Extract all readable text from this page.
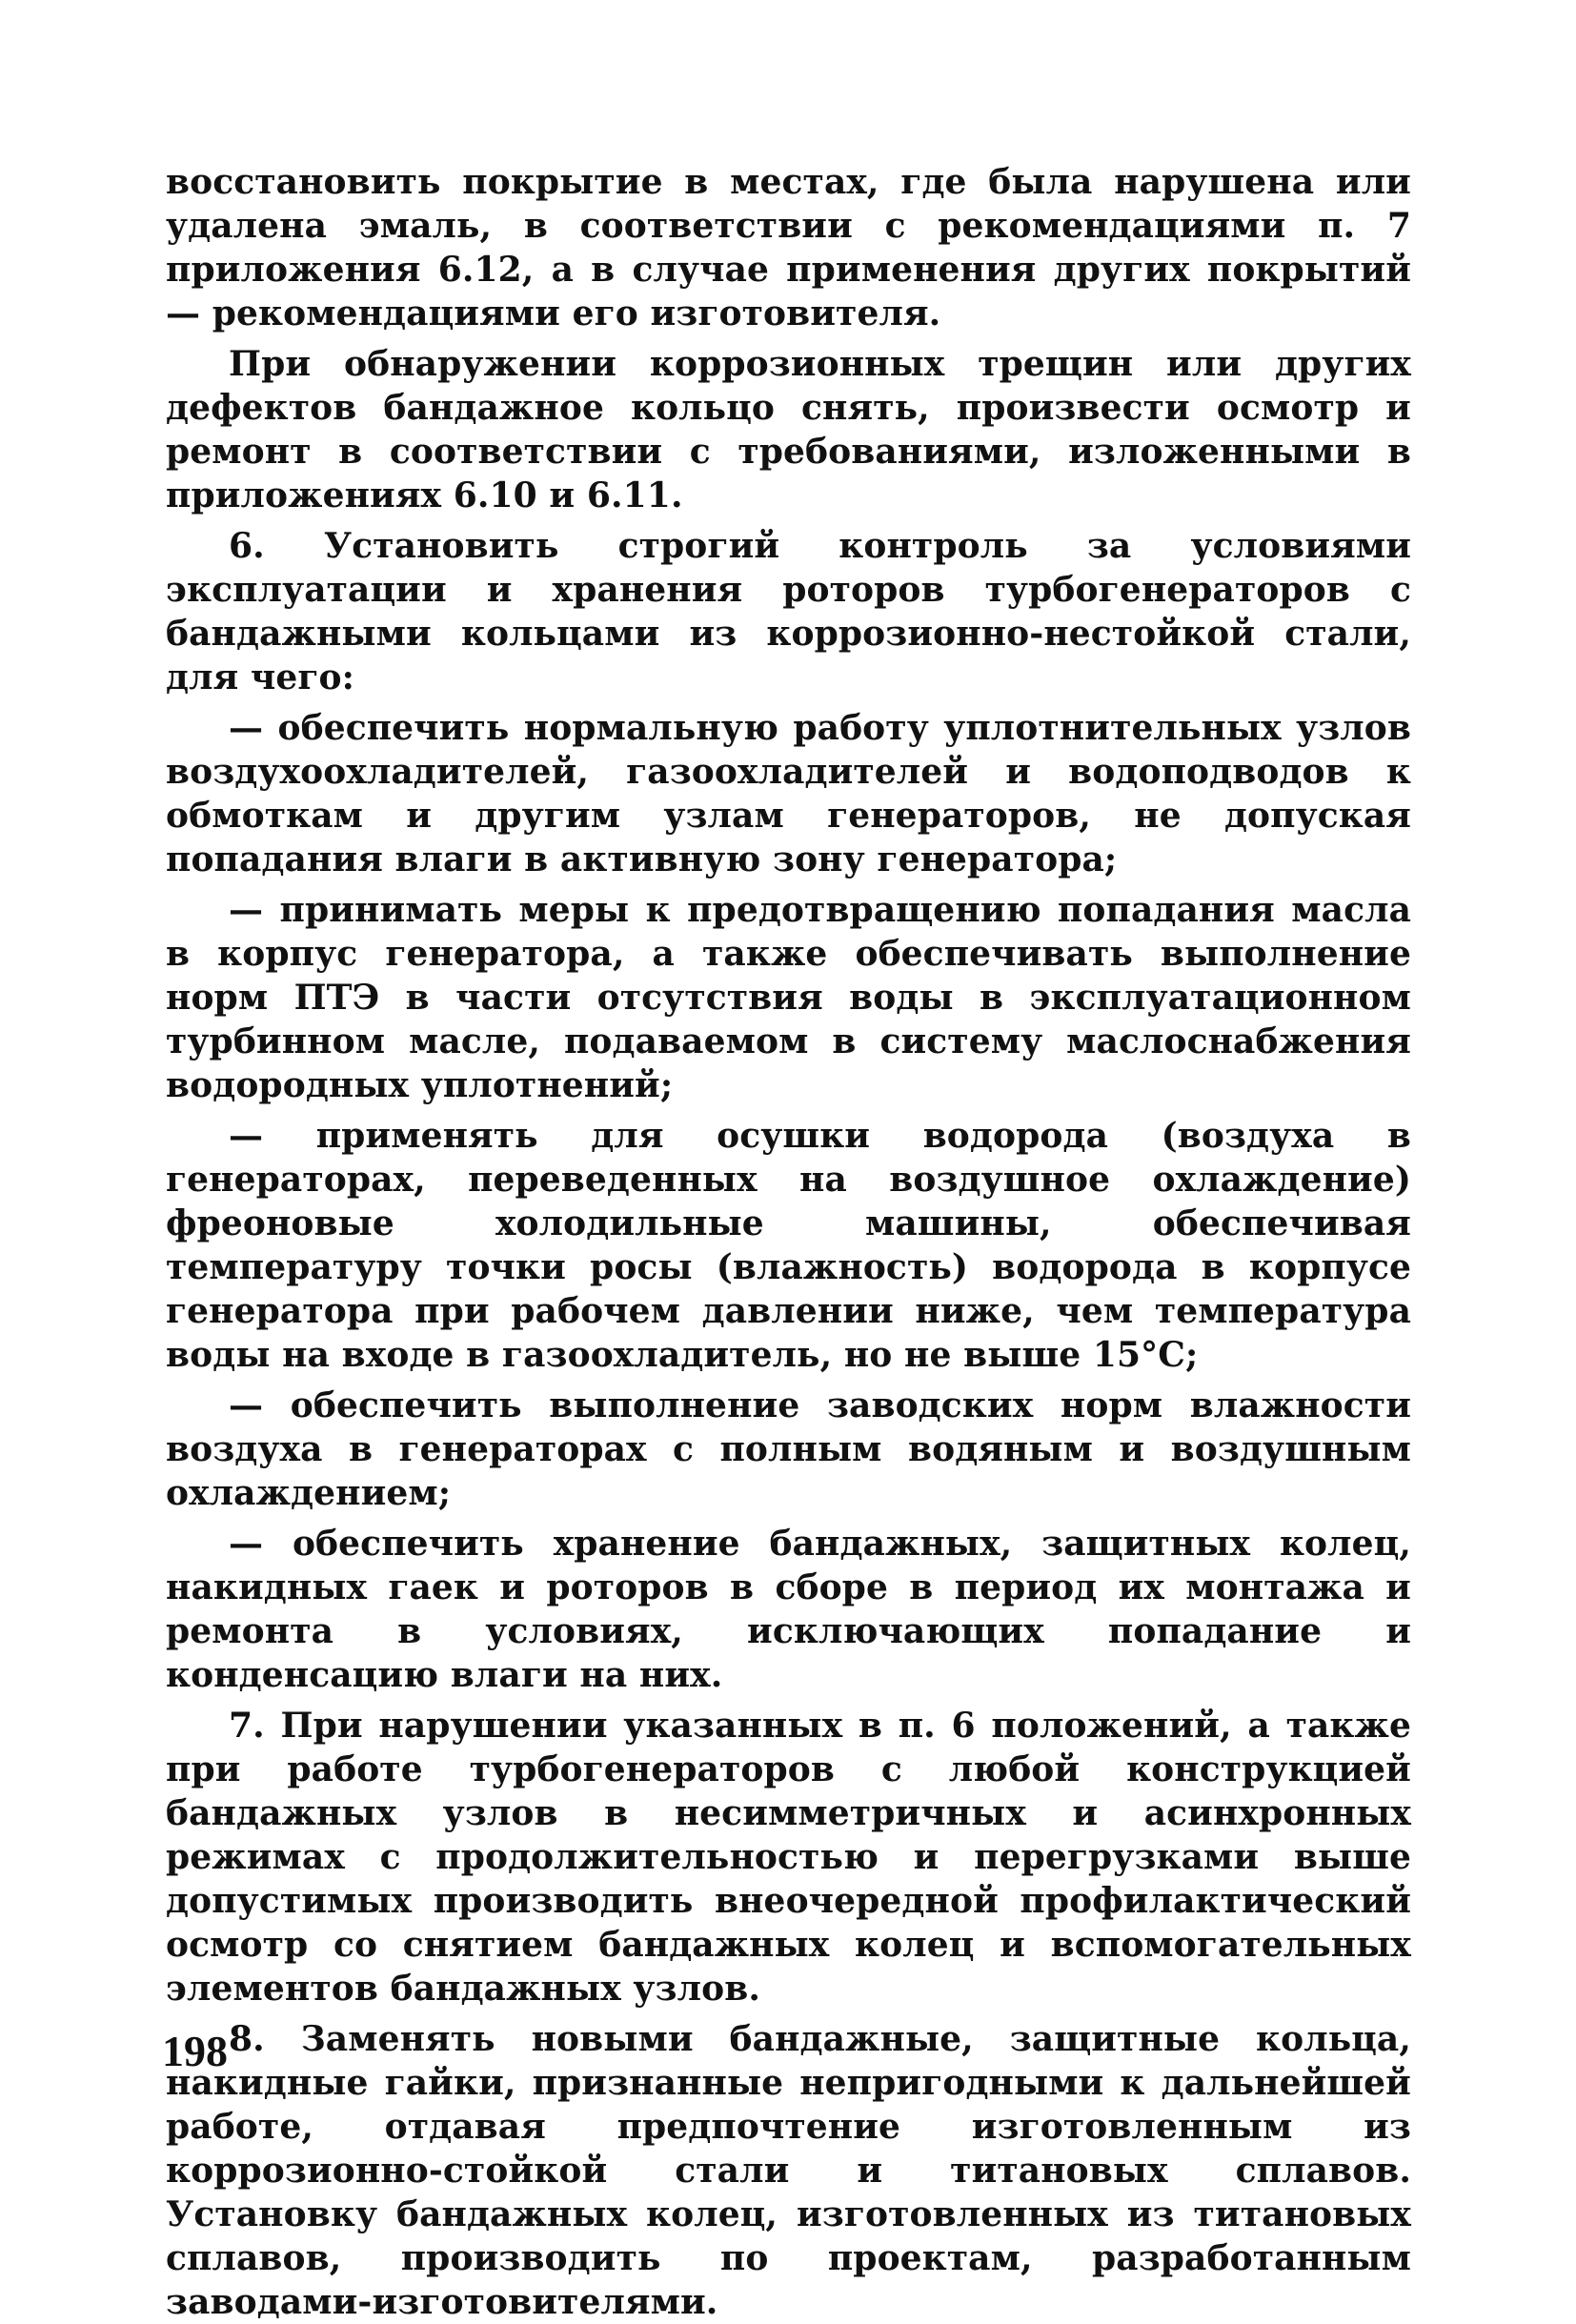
восстановить покрытие в местах, где была нарушена или удалена эмаль, в соответствии с рекомендациями п. 7 приложения 6.12, а в случае применения других покрытий — рекомендациями его изготовителя.

При обнаружении коррозионных трещин или других дефектов бандажное кольцо снять, произвести осмотр и ремонт в соответствии с требованиями, изложенными в приложениях 6.10 и 6.11.

6. Установить строгий контроль за условиями эксплуатации и хранения роторов турбогенераторов с бандажными кольцами из коррозионно-нестойкой стали, для чего:

— обеспечить нормальную работу уплотнительных узлов воздухоохладителей, газоохладителей и водоподводов к обмоткам и другим узлам генераторов, не допуская попадания влаги в активную зону генератора;

— принимать меры к предотвращению попадания масла в корпус генератора, а также обеспечивать выполнение норм ПТЭ в части отсутствия воды в эксплуатационном турбинном масле, подаваемом в систему маслоснабжения водородных уплотнений;

— применять для осушки водорода (воздуха в генераторах, переведенных на воздушное охлаждение) фреоновые холодильные машины, обеспечивая температуру точки росы (влажность) водорода в корпусе генератора при рабочем давлении ниже, чем температура воды на входе в газоохладитель, но не выше 15°С;

— обеспечить выполнение заводских норм влажности воздуха в генераторах с полным водяным и воздушным охлаждением;

— обеспечить хранение бандажных, защитных колец, накидных гаек и роторов в сборе в период их монтажа и ремонта в условиях, исключающих попадание и конденсацию влаги на них.

7. При нарушении указанных в п. 6 положений, а также при работе турбогенераторов с любой конструкцией бандажных узлов в несимметричных и асинхронных режимах с продолжительностью и перегрузками выше допустимых производить внеочередной профилактический осмотр со снятием бандажных колец и вспомогательных элементов бандажных узлов.

8. Заменять новыми бандажные, защитные кольца, накидные гайки, признанные непригодными к дальнейшей работе, отдавая предпочтение изготовленным из коррозионно-стойкой стали и титановых сплавов. Установку бандажных колец, изготовленных из титановых сплавов, производить по проектам, разработанным заводами-изготовителями.

198
